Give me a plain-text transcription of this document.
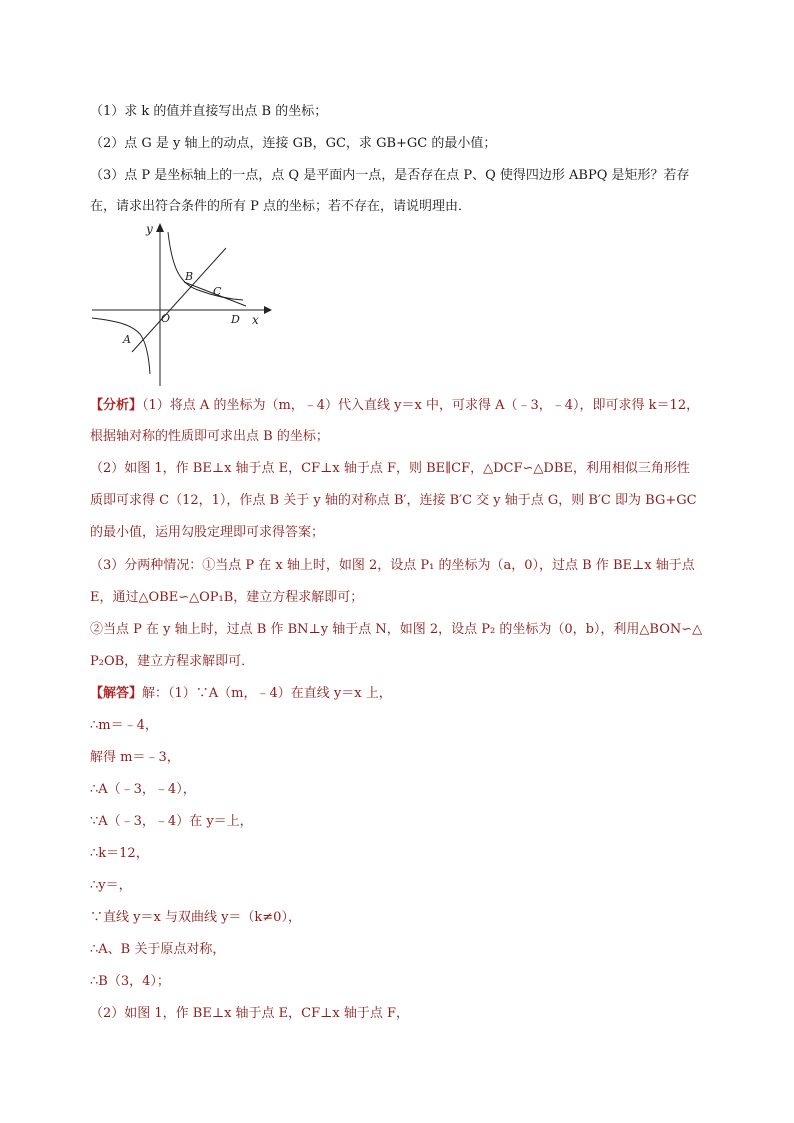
（1）求 k 的值并直接写出点 B 的坐标；
（2）点 G 是 y 轴上的动点，连接 GB，GC，求 GB+GC 的最小值；
（3）点 P 是坐标轴上的一点，点 Q 是平面内一点，是否存在点 P、Q 使得四边形 ABPQ 是矩形？若存
在，请求出符合条件的所有 P 点的坐标；若不存在，请说明理由．
y
x
O
A
B
C
D
【分析】（1）将点 A 的坐标为（m，﹣4）代入直线 y＝x 中，可求得 A（﹣3，﹣4），即可求得 k＝12，
根据轴对称的性质即可求出点 B 的坐标；
（2）如图 1，作 BE⊥x 轴于点 E，CF⊥x 轴于点 F，则 BE∥CF，△DCF∽△DBE，利用相似三角形性
质即可求得 C（12，1），作点 B 关于 y 轴的对称点 B′，连接 B′C 交 y 轴于点 G，则 B′C 即为 BG+GC
的最小值，运用勾股定理即可求得答案；
（3）分两种情况：①当点 P 在 x 轴上时，如图 2，设点 P₁ 的坐标为（a，0），过点 B 作 BE⊥x 轴于点
E，通过△OBE∽△OP₁B，建立方程求解即可；
②当点 P 在 y 轴上时，过点 B 作 BN⊥y 轴于点 N，如图 2，设点 P₂ 的坐标为（0，b），利用△BON∽△
P₂OB，建立方程求解即可．
【解答】解：（1）∵A（m，﹣4）在直线 y＝x 上，
∴m＝﹣4，
解得 m＝﹣3，
∴A（﹣3，﹣4），
∵A（﹣3，﹣4）在 y＝上，
∴k＝12，
∴y＝，
∵直线 y＝x 与双曲线 y＝（k≠0），
∴A、B 关于原点对称，
∴B（3，4）；
（2）如图 1，作 BE⊥x 轴于点 E，CF⊥x 轴于点 F，
